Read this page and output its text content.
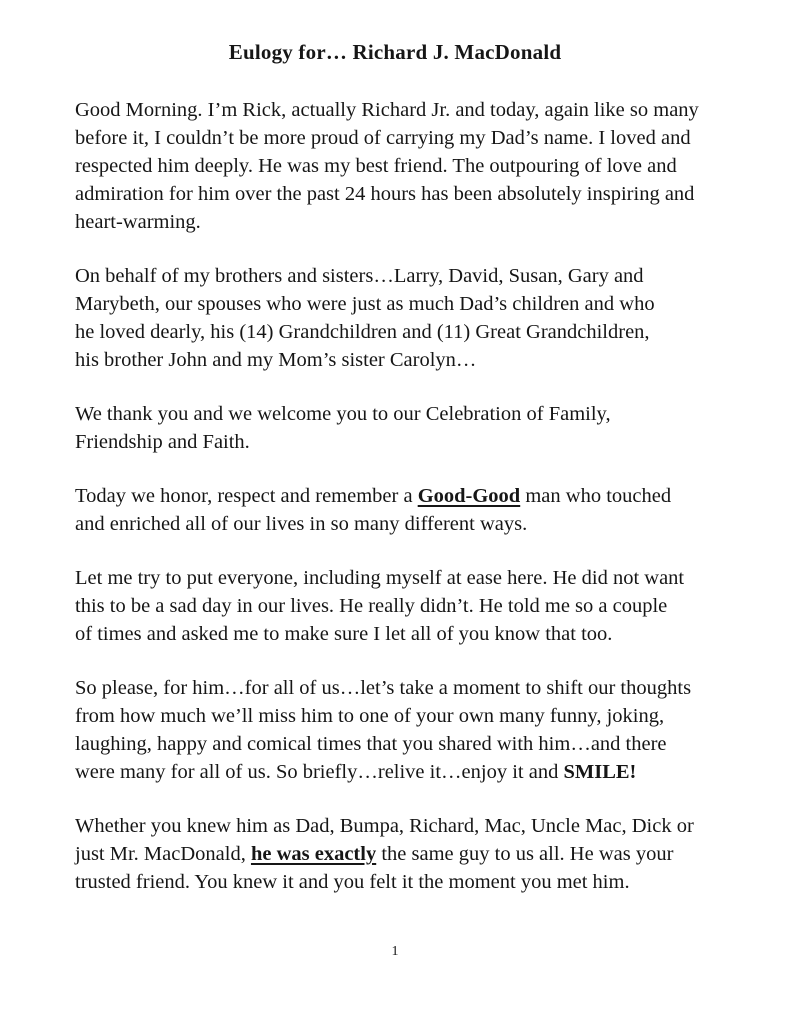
Eulogy for… Richard J. MacDonald
Good Morning. I’m Rick, actually Richard Jr. and today, again like so many
before it, I couldn’t be more proud of carrying my Dad’s name. I loved and
respected him deeply. He was my best friend. The outpouring of love and
admiration for him over the past 24 hours has been absolutely inspiring and
heart-warming.
On behalf of my brothers and sisters…Larry, David, Susan, Gary and
Marybeth, our spouses who were just as much Dad’s children and who
he loved dearly, his (14) Grandchildren and (11) Great Grandchildren,
his brother John and my Mom’s sister Carolyn…
We thank you and we welcome you to our Celebration of Family,
Friendship and Faith.
Today we honor, respect and remember a Good-Good man who touched
and enriched all of our lives in so many different ways.
Let me try to put everyone, including myself at ease here. He did not want
this to be a sad day in our lives. He really didn’t. He told me so a couple
of times and asked me to make sure I let all of you know that too.
So please, for him…for all of us…let’s take a moment to shift our thoughts
from how much we’ll miss him to one of your own many funny, joking,
laughing, happy and comical times that you shared with him…and there
were many for all of us. So briefly…relive it…enjoy it and SMILE!
Whether you knew him as Dad, Bumpa, Richard, Mac, Uncle Mac, Dick or
just Mr. MacDonald, he was exactly the same guy to us all. He was your
trusted friend. You knew it and you felt it the moment you met him.
1
